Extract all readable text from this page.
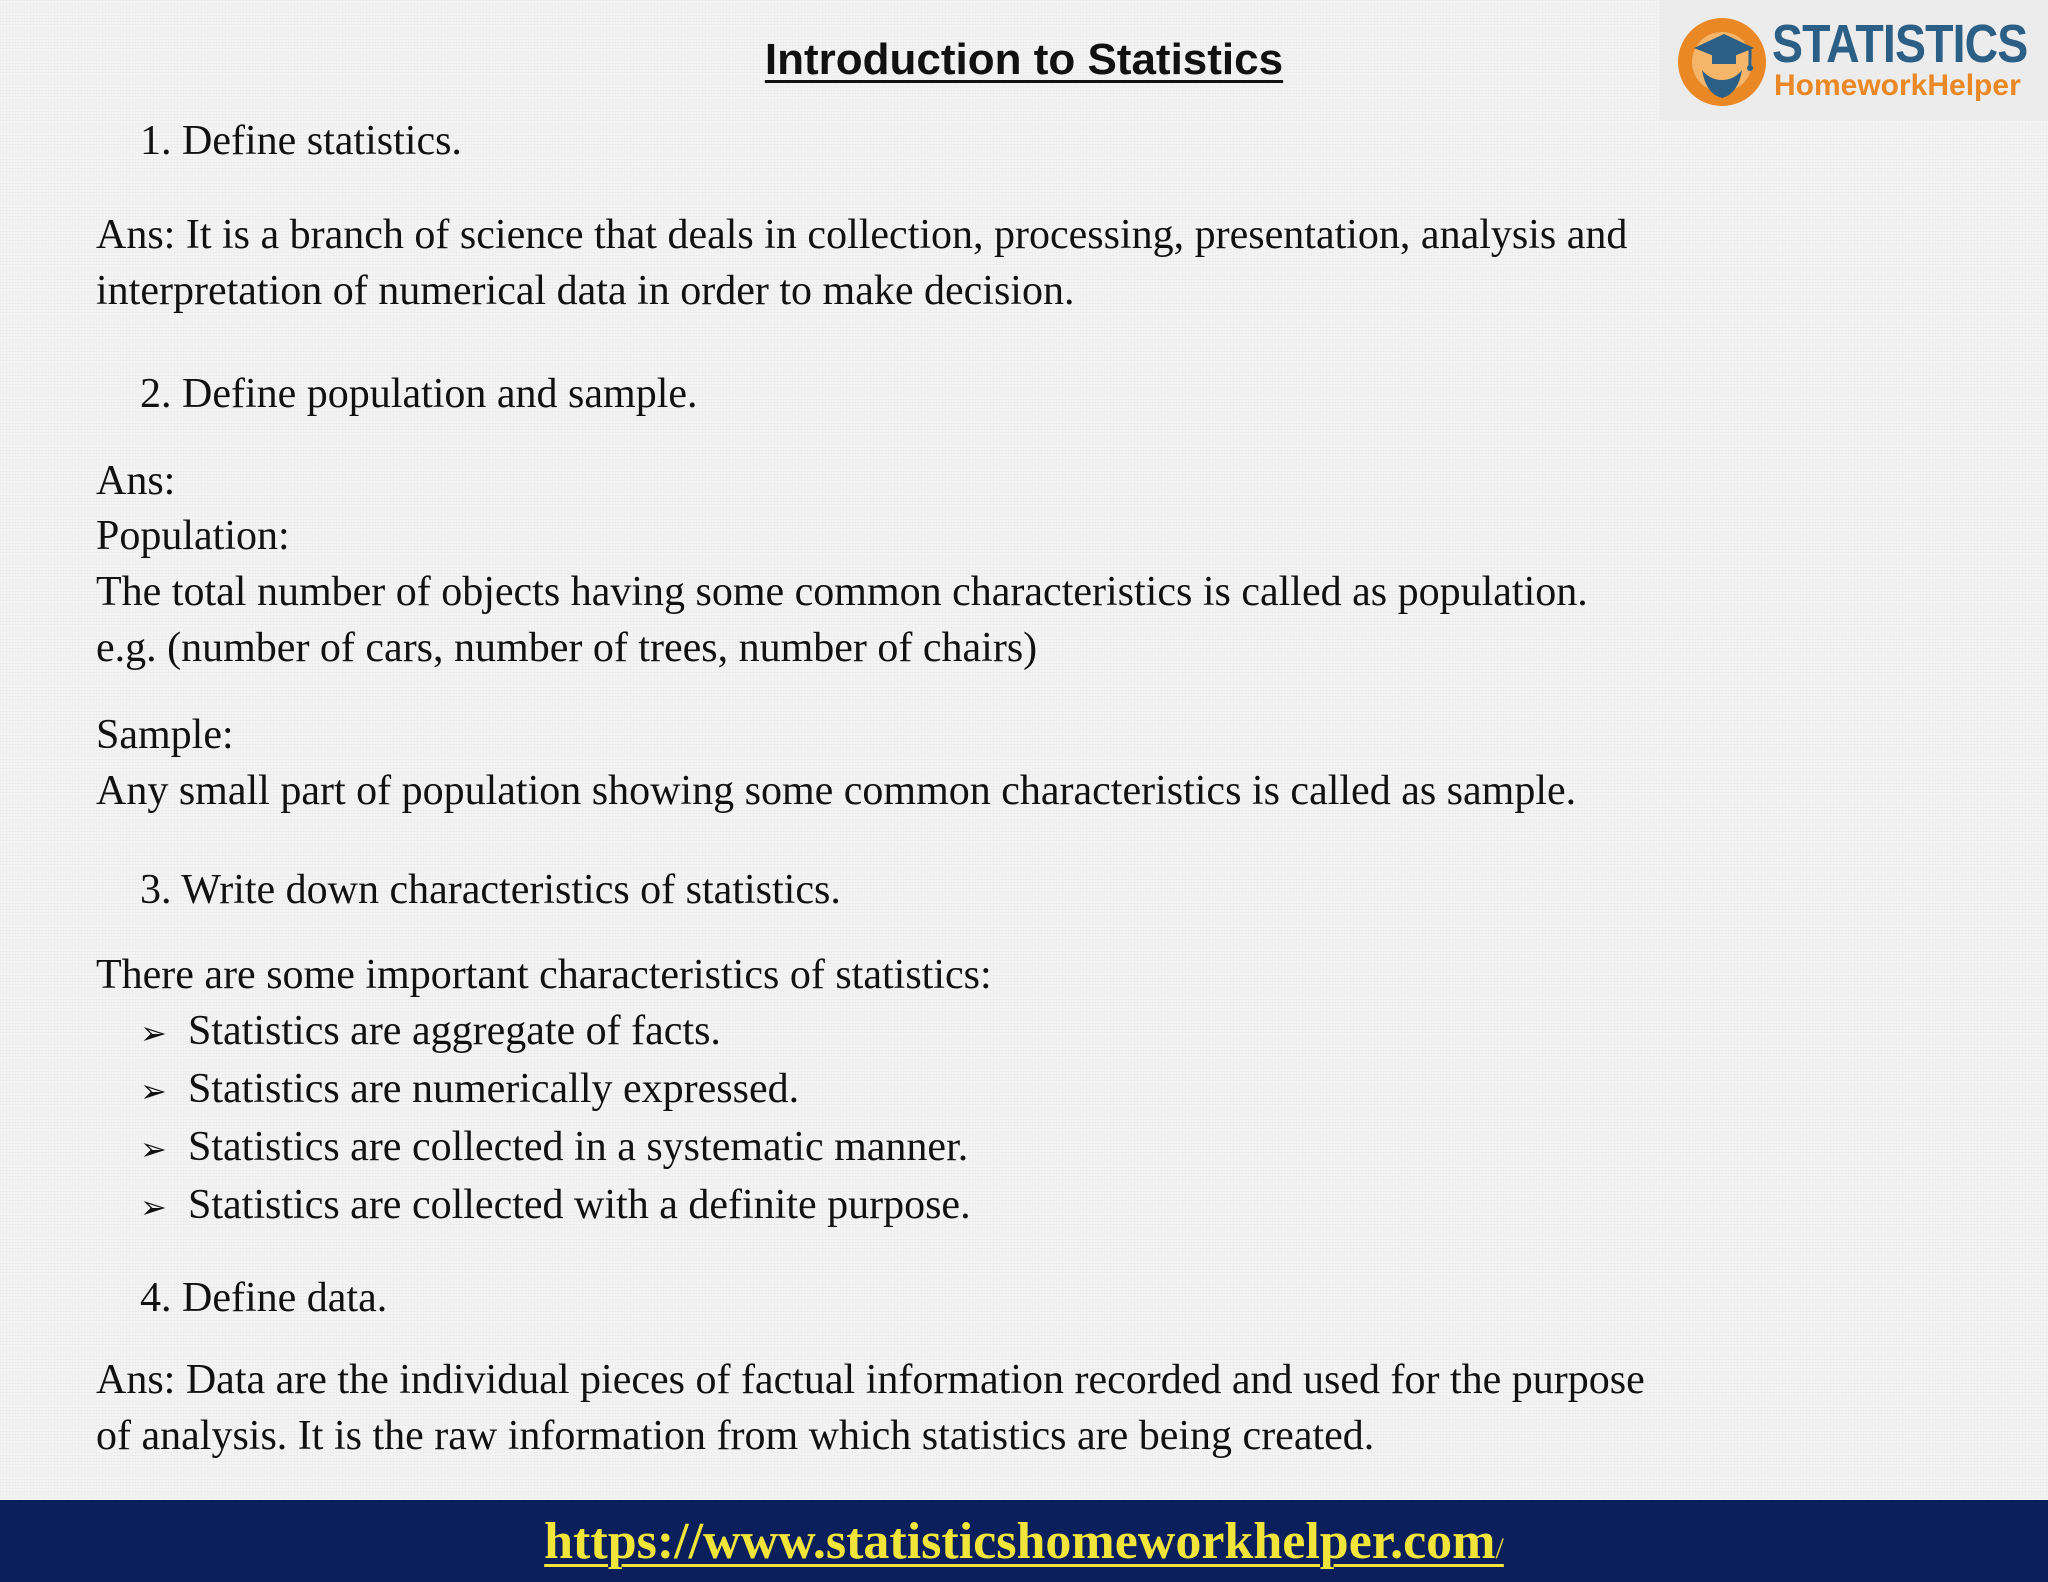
Introduction to Statistics	STATISTICS
HomeworkHelper

1. Define statistics.

Ans: It is a branch of science that deals in collection, processing, presentation, analysis and

interpretation of numerical data in order to make decision.

2. Define population and sample.

Ans:

Population:

The total number of objects having some common characteristics is called as population.

e.g. (number of cars, number of trees, number of chairs)

Sample:

Any small part of population showing some common characteristics is called as sample.

3. Write down characteristics of statistics.

There are some important characteristics of statistics:

➢ Statistics are aggregate of facts.
➢ Statistics are numerically expressed.
➢ Statistics are collected in a systematic manner.
➢ Statistics are collected with a definite purpose.

4. Define data.

Ans: Data are the individual pieces of factual information recorded and used for the purpose

of analysis. It is the raw information from which statistics are being created.

https://www.statisticshomeworkhelper.com/
